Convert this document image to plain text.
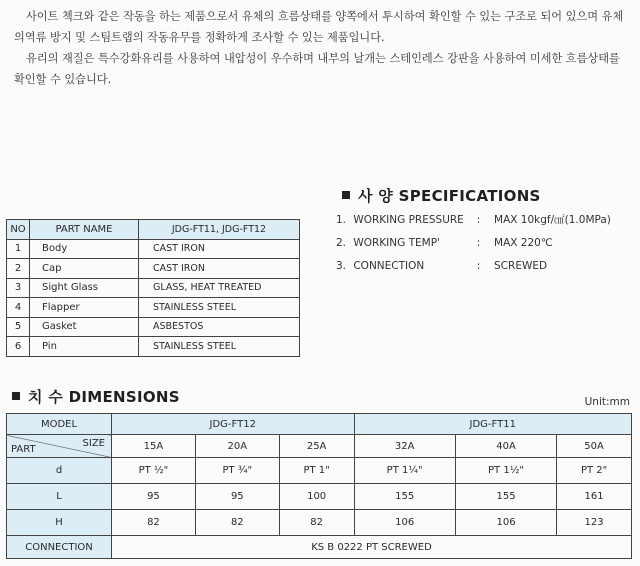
사이트 첵크와 같은 작동을 하는 제품으로서 유체의 흐름상태를 양쪽에서 투시하여 확인할 수 있는 구조로 되어 있으며 유체의역류 방지 및 스팀트랩의 작동유무를 정확하게 조사할 수 있는 제품입니다.

유리의 재질은 특수강화유리를 사용하여 내압성이 우수하며 내부의 날개는 스테인레스 강판을 사용하여 미세한 흐름상태를 확인할 수 있습니다.

사 양 SPECIFICATIONS
1. WORKING PRESSURE : MAX 10kgf/㎠(1.0MPa)
2. WORKING TEMP'	: MAX 220℃
3. CONNECTION	: SCREWED
NO	PART NAME	JDG-FT11, JDG-FT12
1	Body	CAST IRON
2	Cap	CAST IRON
3	Sight Glass	GLASS, HEAT TREATED
4	Flapper	STAINLESS STEEL
5	Gasket	ASBESTOS
6	Pin	STAINLESS STEEL
치 수 DIMENSIONS	Unit:mm
MODEL	JDG-FT12			JDG-FT11		

SIZE
PART	15A	20A	25A	32A	40A	50A
d	PT ½"	PT ¾"	PT 1"	PT 1¼"	PT 1½"	PT 2"
L	95	95	100	155	155	161
H	82	82	82	106	106	123
CONNECTION	KS B 0222 PT SCREWED					
